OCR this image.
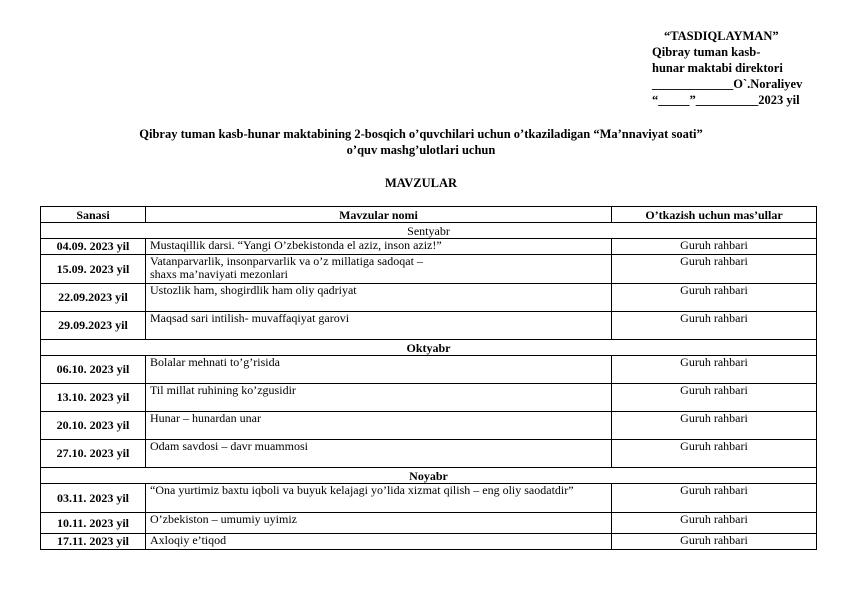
“TASDIQLAYMAN”
Qibray tuman kasb-
hunar maktabi direktori
_____________O`.Noraliyev
“_____”__________2023 yil
Qibray tuman kasb-hunar maktabining 2-bosqich o’quvchilari uchun o’tkaziladigan “Ma’nnaviyat soati”
o’quv mashg’ulotlari uchun
MAVZULAR
Sanasi	Mavzular nomi	O’tkazish uchun mas’ullar
Sentyabr		
04.09. 2023 yil	Mustaqillik darsi. “Yangi O’zbekistonda el aziz, inson aziz!”	Guruh rahbari
15.09. 2023 yil	Vatanparvarlik, insonparvarlik va o’z millatiga sadoqat –
shaxs ma’naviyati mezonlari	Guruh rahbari
22.09.2023 yil	Ustozlik ham, shogirdlik ham oliy qadriyat	Guruh rahbari
29.09.2023 yil	Maqsad sari intilish- muvaffaqiyat garovi	Guruh rahbari
Oktyabr		
06.10. 2023 yil	Bolalar mehnati to’g’risida	Guruh rahbari
13.10. 2023 yil	Til millat ruhining ko’zgusidir	Guruh rahbari
20.10. 2023 yil	Hunar – hunardan unar	Guruh rahbari
27.10. 2023 yil	Odam savdosi – davr muammosi	Guruh rahbari
Noyabr		
03.11. 2023 yil	“Ona yurtimiz baxtu iqboli va buyuk kelajagi yo’lida xizmat qilish – eng oliy saodatdir”	Guruh rahbari
10.11. 2023 yil	O’zbekiston – umumiy uyimiz	Guruh rahbari
17.11. 2023 yil	Axloqiy e’tiqod	Guruh rahbari
